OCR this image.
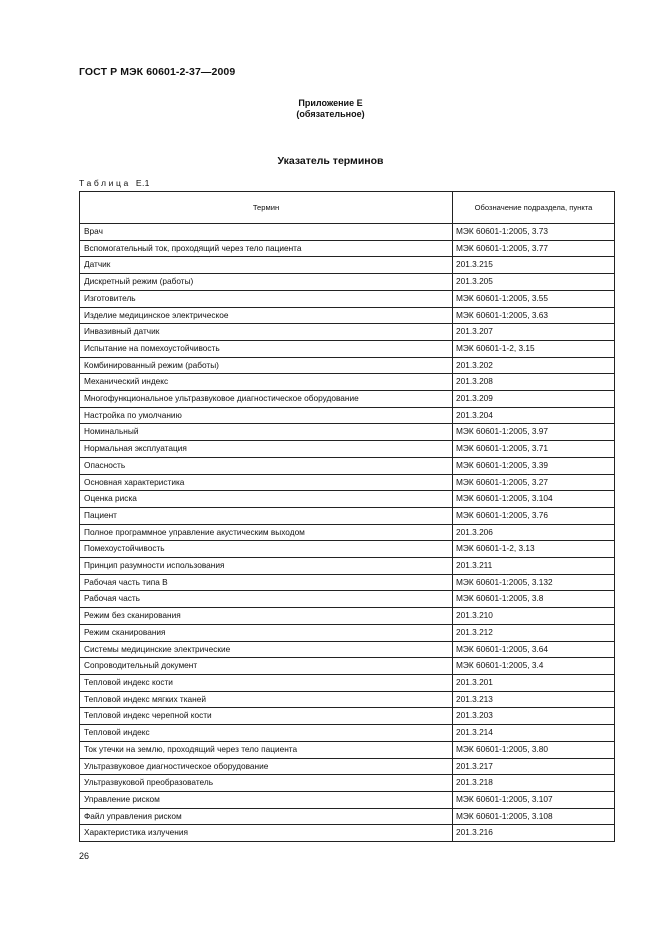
ГОСТ Р МЭК 60601-2-37—2009
Приложение Е
(обязательное)
Указатель терминов
Таблица Е.1
Термин	Обозначение подраздела, пункта
Врач	МЭК 60601-1:2005, 3.73
Вспомогательный ток, проходящий через тело пациента	МЭК 60601-1:2005, 3.77
Датчик	201.3.215
Дискретный режим (работы)	201.3.205
Изготовитель	МЭК 60601-1:2005, 3.55
Изделие медицинское электрическое	МЭК 60601-1:2005, 3.63
Инвазивный датчик	201.3.207
Испытание на помехоустойчивость	МЭК 60601-1-2, 3.15
Комбинированный режим (работы)	201.3.202
Механический индекс	201.3.208
Многофункциональное ультразвуковое диагностическое оборудование	201.3.209
Настройка по умолчанию	201.3.204
Номинальный	МЭК 60601-1:2005, 3.97
Нормальная эксплуатация	МЭК 60601-1:2005, 3.71
Опасность	МЭК 60601-1:2005, 3.39
Основная характеристика	МЭК 60601-1:2005, 3.27
Оценка риска	МЭК 60601-1:2005, 3.104
Пациент	МЭК 60601-1:2005, 3.76
Полное программное управление акустическим выходом	201.3.206
Помехоустойчивость	МЭК 60601-1-2, 3.13
Принцип разумности использования	201.3.211
Рабочая часть типа В	МЭК 60601-1:2005, 3.132
Рабочая часть	МЭК 60601-1:2005, 3.8
Режим без сканирования	201.3.210
Режим сканирования	201.3.212
Системы медицинские электрические	МЭК 60601-1:2005, 3.64
Сопроводительный документ	МЭК 60601-1:2005, 3.4
Тепловой индекс кости	201.3.201
Тепловой индекс мягких тканей	201.3.213
Тепловой индекс черепной кости	201.3.203
Тепловой индекс	201.3.214
Ток утечки на землю, проходящий через тело пациента	МЭК 60601-1:2005, 3.80
Ультразвуковое диагностическое оборудование	201.3.217
Ультразвуковой преобразователь	201.3.218
Управление риском	МЭК 60601-1:2005, 3.107
Файл управления риском	МЭК 60601-1:2005, 3.108
Характеристика излучения	201.3.216
26
